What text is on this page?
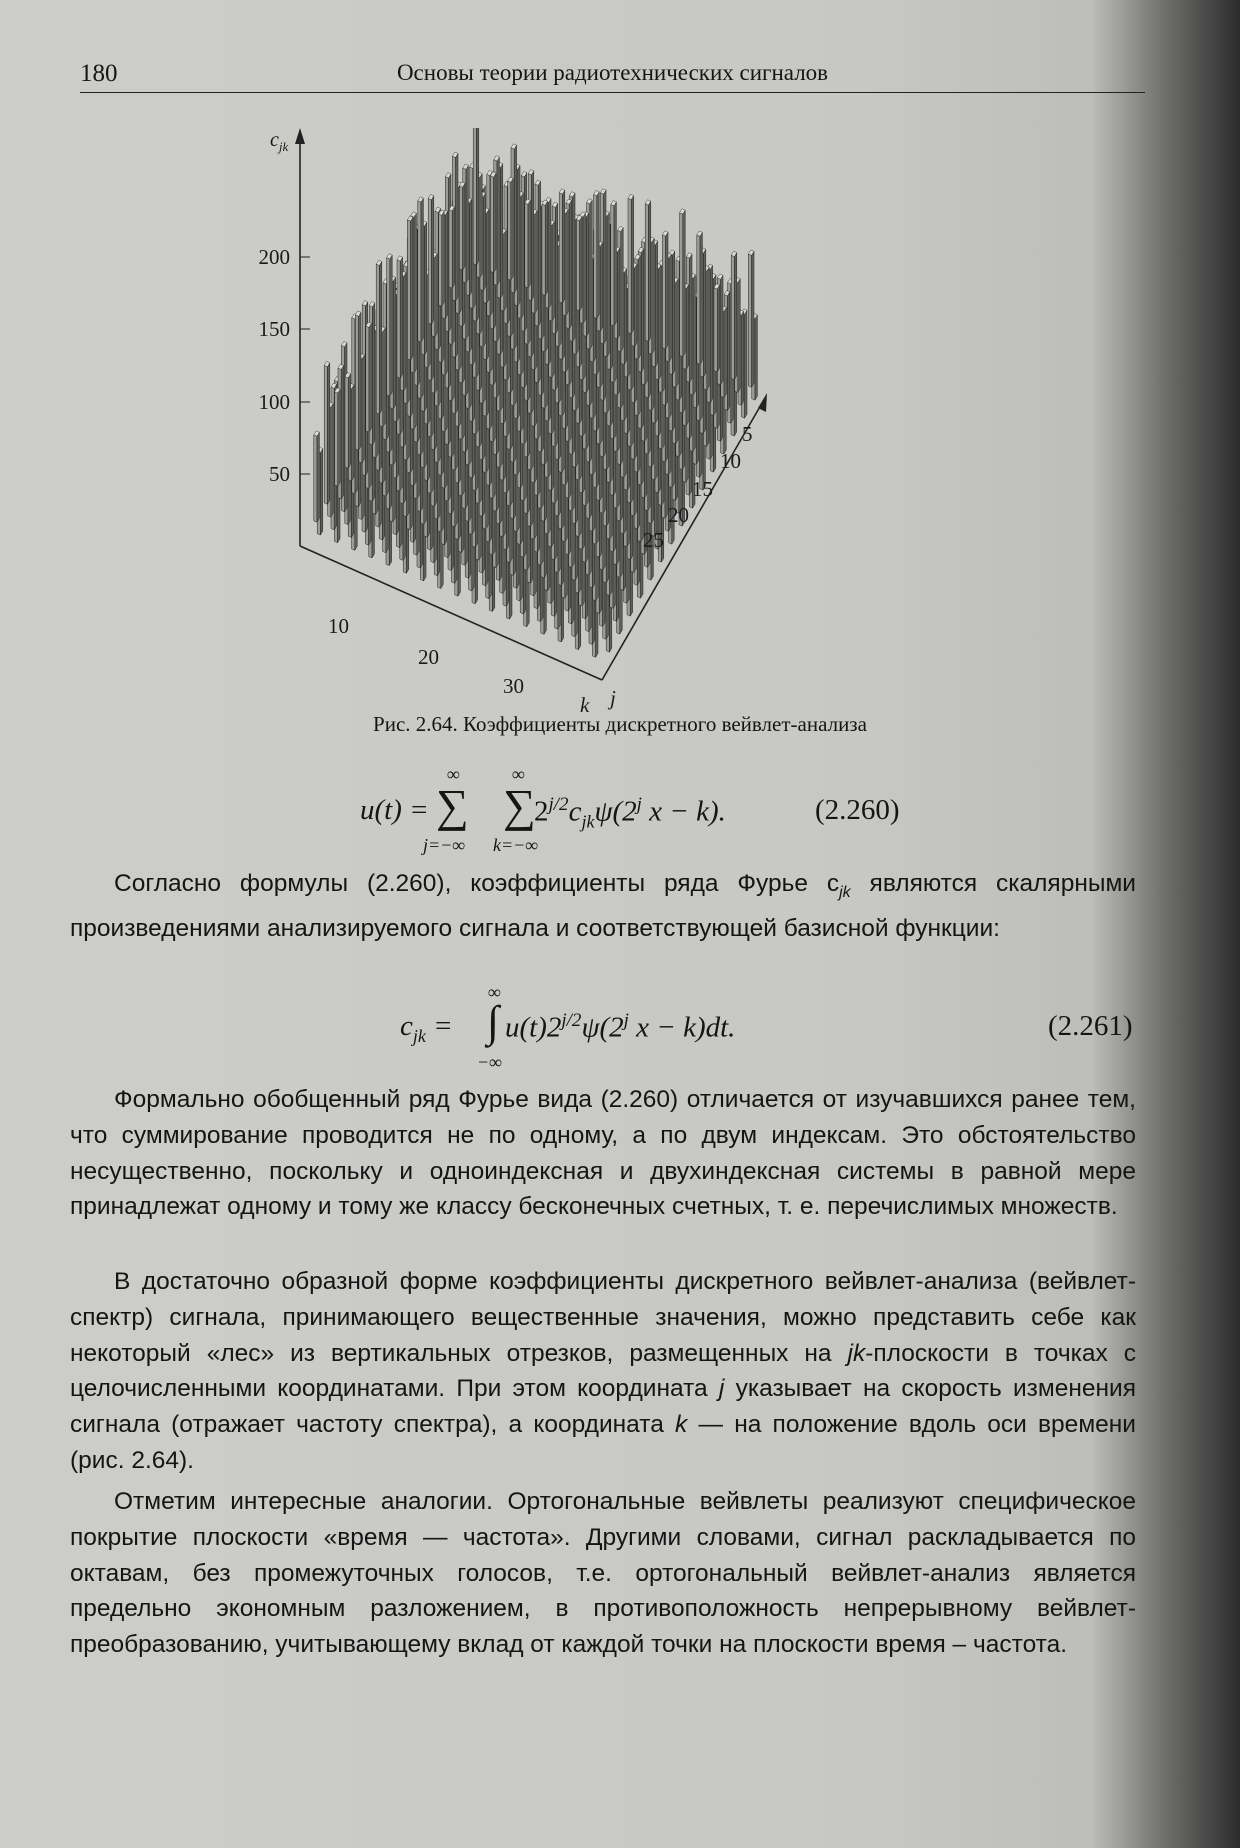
180	Основы теории радиотехнических сигналов
50
100
150
200
$c_{jk}$
10
20
30
k
5
10
15
20
25
j
Рис. 2.64. Коэффициенты дискретного вейвлет-анализа
u(t) =
∞
∑
j=−∞
∞
∑
k=−∞
$2^{j/2}c_{jk}\psi(2^j$ x − k).	(2.260)

Согласно формулы (2.260), коэффициенты ряда Фурье $c_{jk}$ являются скалярными произведениями анализируемого сигнала и соответствующей базисной функции:

$c_{jk}$ =
∞
∫
−∞
$u(t)2^{j/2}\psi(2^j$ x − k)dt.	(2.261)

Формально обобщенный ряд Фурье вида (2.260) отличается от изучавшихся ранее тем, что суммирование проводится не по одному, а по двум индексам. Это обстоятельство несущественно, поскольку и одноиндексная и двухиндексная системы в равной мере принадлежат одному и тому же классу бесконечных счетных, т. е. перечислимых множеств.

В достаточно образной форме коэффициенты дискретного вейвлет-анализа (вейвлет-спектр) сигнала, принимающего вещественные значения, можно представить себе как некоторый «лес» из вертикальных отрезков, размещенных на jk-плоскости в точках с целочисленными координатами. При этом координата j указывает на скорость изменения сигнала (отражает частоту спектра), а координата k — на положение вдоль оси времени (рис. 2.64).

Отметим интересные аналогии. Ортогональные вейвлеты реализуют специфическое покрытие плоскости «время — частота». Другими словами, сигнал раскладывается по октавам, без промежуточных голосов, т.е. ортогональный вейвлет-анализ является предельно экономным разложением, в противоположность непрерывному вейвлет-преобразованию, учитывающему вклад от каждой точки на плоскости время – частота.
